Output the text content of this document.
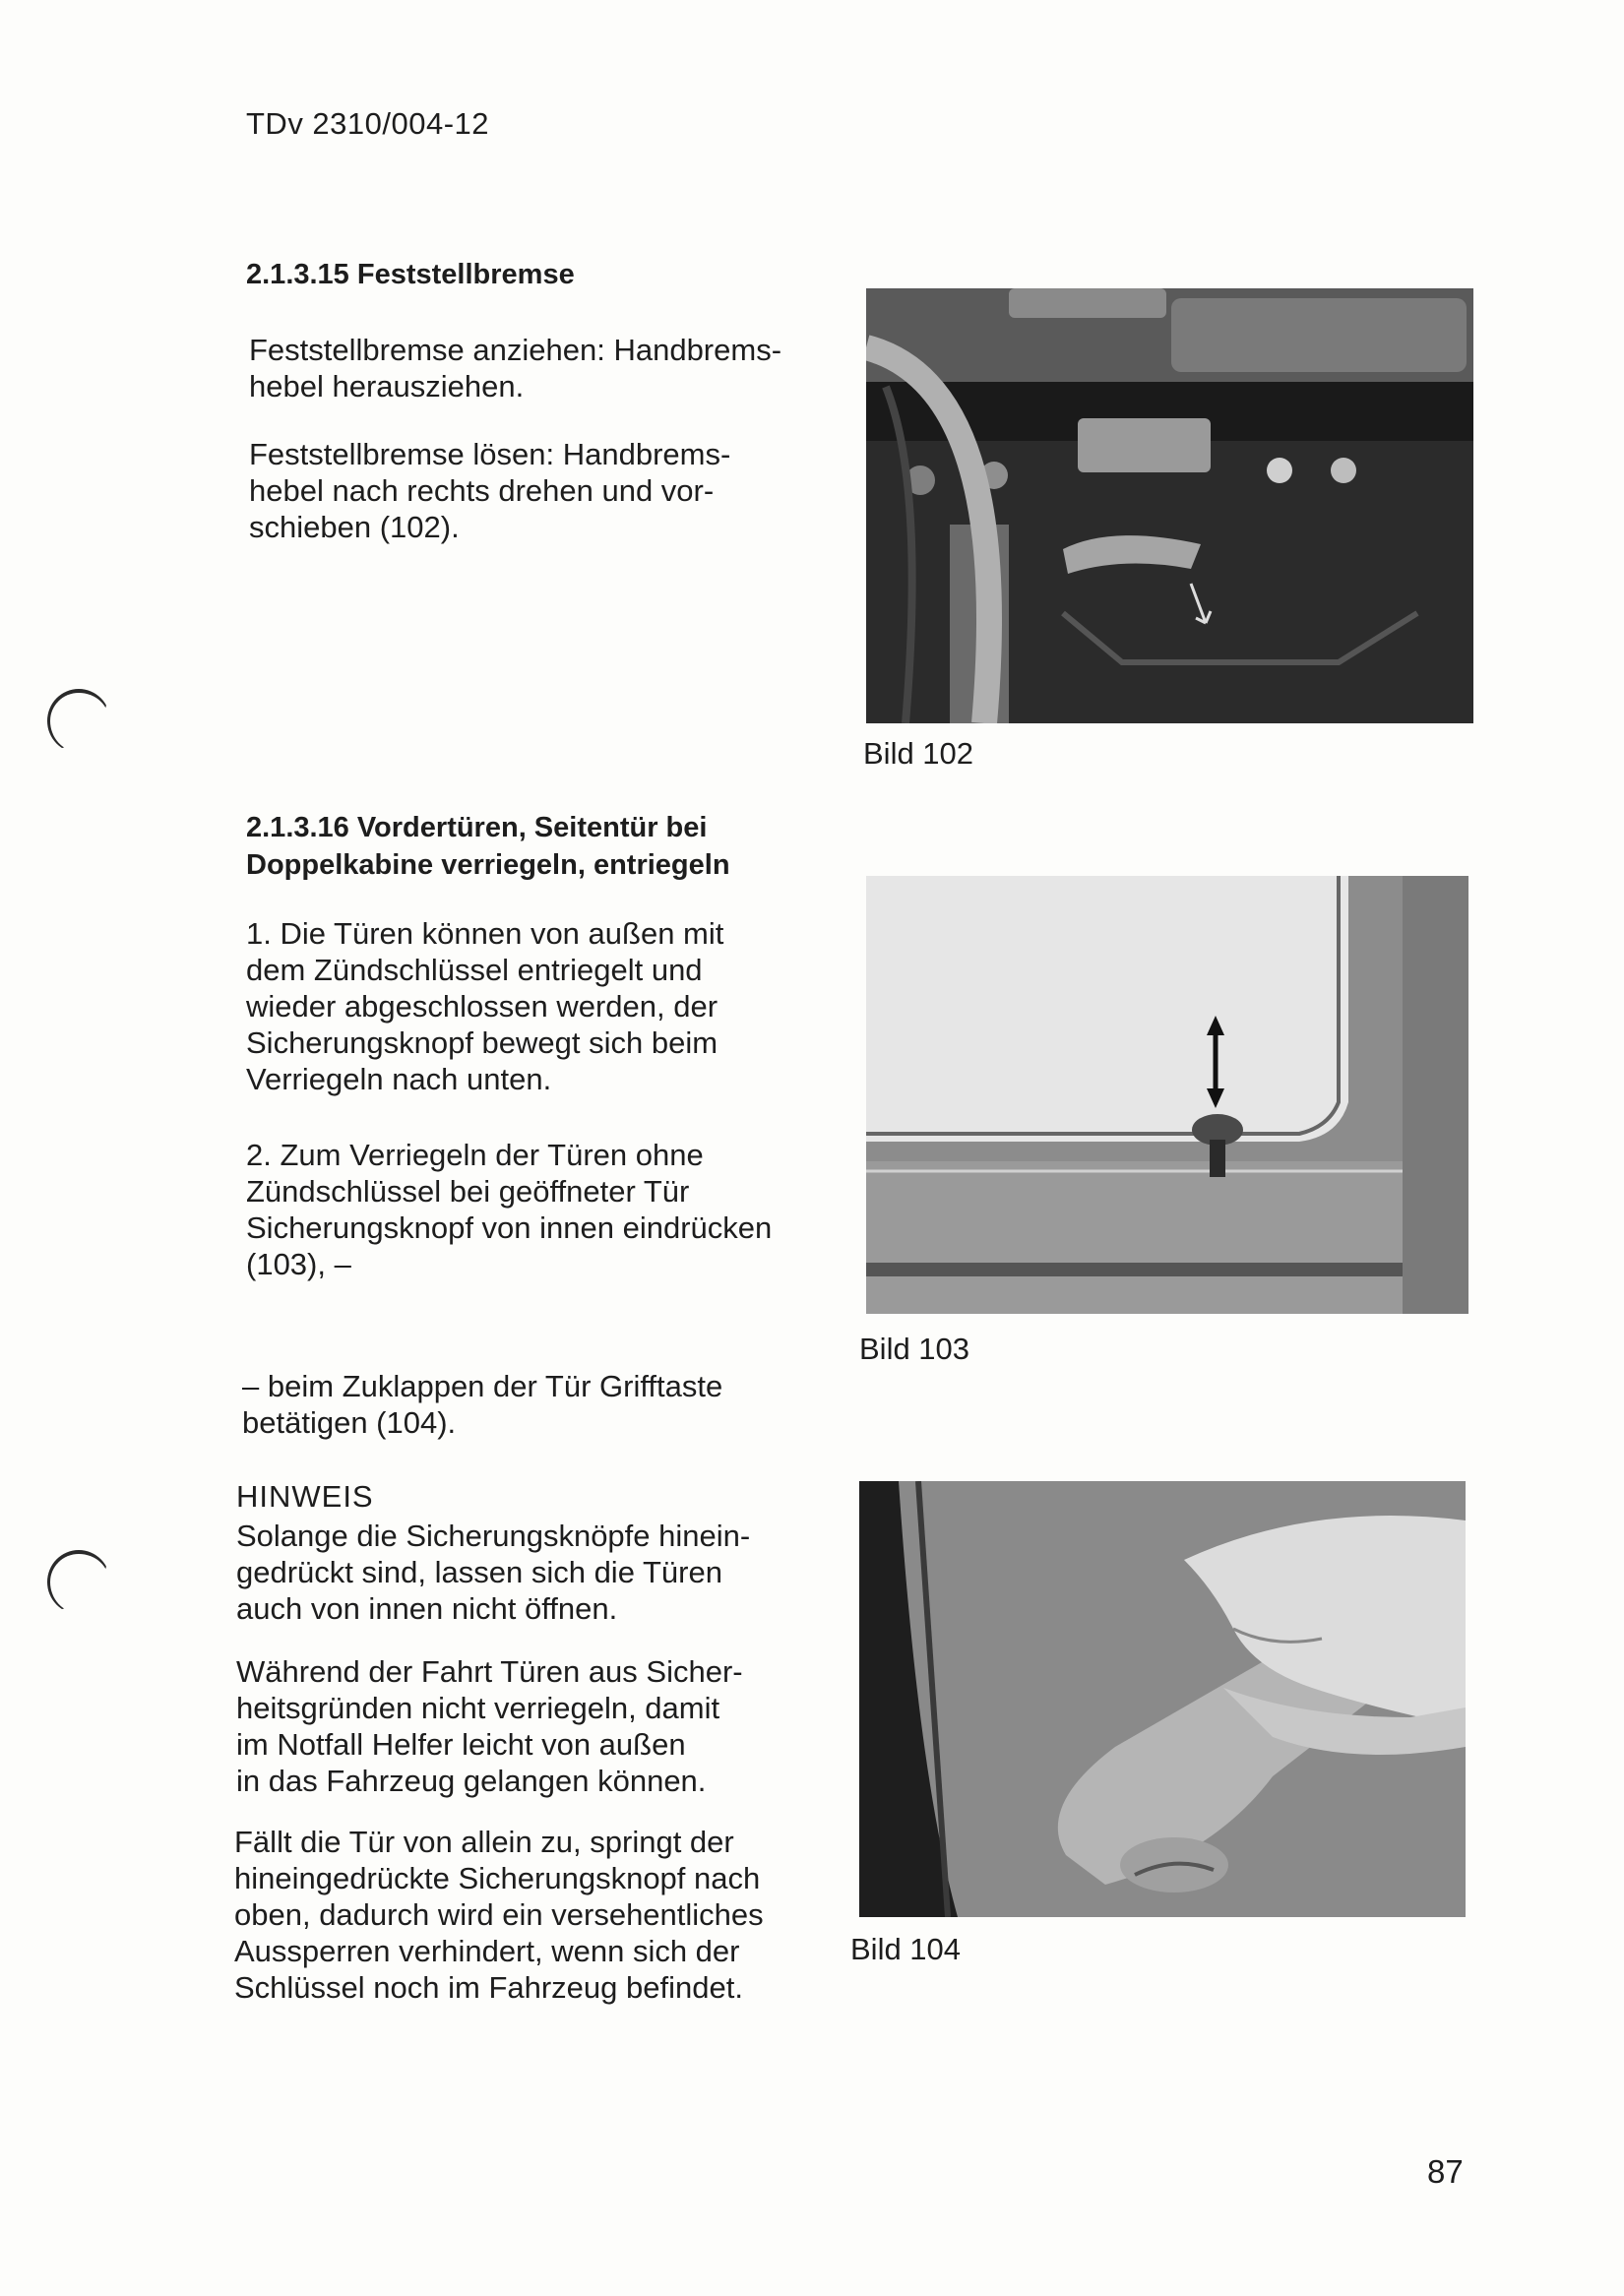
TDv 2310/004-12
2.1.3.15 Feststellbremse
Feststellbremse anziehen: Handbrems-
hebel herausziehen.
Feststellbremse lösen: Handbrems-
hebel nach rechts drehen und vor-
schieben (102).
Bild 102
2.1.3.16 Vordertüren, Seitentür bei
Doppelkabine verriegeln, entriegeln
1. Die Türen können von außen mit
dem Zündschlüssel entriegelt und
wieder abgeschlossen werden, der
Sicherungsknopf bewegt sich beim
Verriegeln nach unten.
2. Zum Verriegeln der Türen ohne
Zündschlüssel bei geöffneter Tür
Sicherungsknopf von innen eindrücken
(103), –
– beim Zuklappen der Tür Grifftaste
betätigen (104).
Bild 103
HINWEIS
Solange die Sicherungsknöpfe hinein-
gedrückt sind, lassen sich die Türen
auch von innen nicht öffnen.
Während der Fahrt Türen aus Sicher-
heitsgründen nicht verriegeln, damit
im Notfall Helfer leicht von außen
in das Fahrzeug gelangen können.
Fällt die Tür von allein zu, springt der
hineingedrückte Sicherungsknopf nach
oben, dadurch wird ein versehentliches
Aussperren verhindert, wenn sich der
Schlüssel noch im Fahrzeug befindet.
Bild 104
87
